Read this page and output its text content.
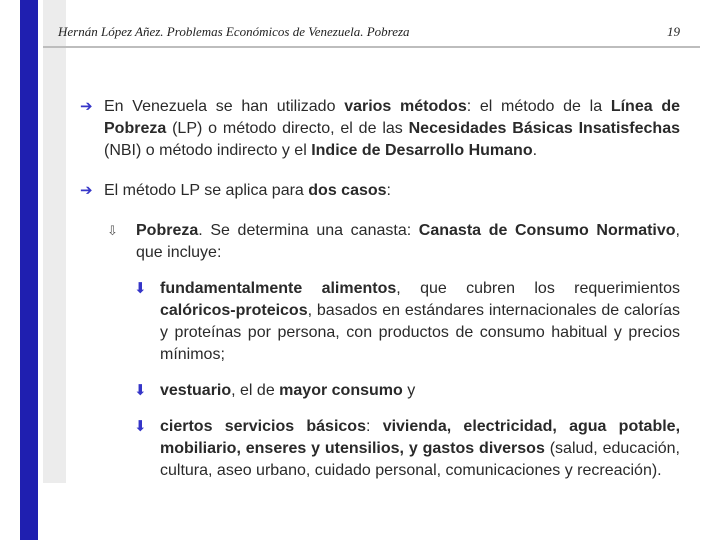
Hernán López Añez. Problemas Económicos de Venezuela. Pobreza	19
➔ En Venezuela se han utilizado varios métodos: el método de la Línea de Pobreza (LP) o método directo, el de las Necesidades Básicas Insatisfechas (NBI) o método indirecto y el Indice de Desarrollo Humano.
➔ El método LP se aplica para dos casos:
⇩ Pobreza. Se determina una canasta: Canasta de Consumo Normativo, que incluye:
⬇ fundamentalmente alimentos, que cubren los requerimientos calóricos-proteicos, basados en estándares internacionales de calorías y proteínas por persona, con productos de consumo habitual y precios mínimos;
⬇ vestuario, el de mayor consumo y
⬇ ciertos servicios básicos: vivienda, electricidad, agua potable, mobiliario, enseres y utensilios, y gastos diversos (salud, educación, cultura, aseo urbano, cuidado personal, comunicaciones y recreación).
